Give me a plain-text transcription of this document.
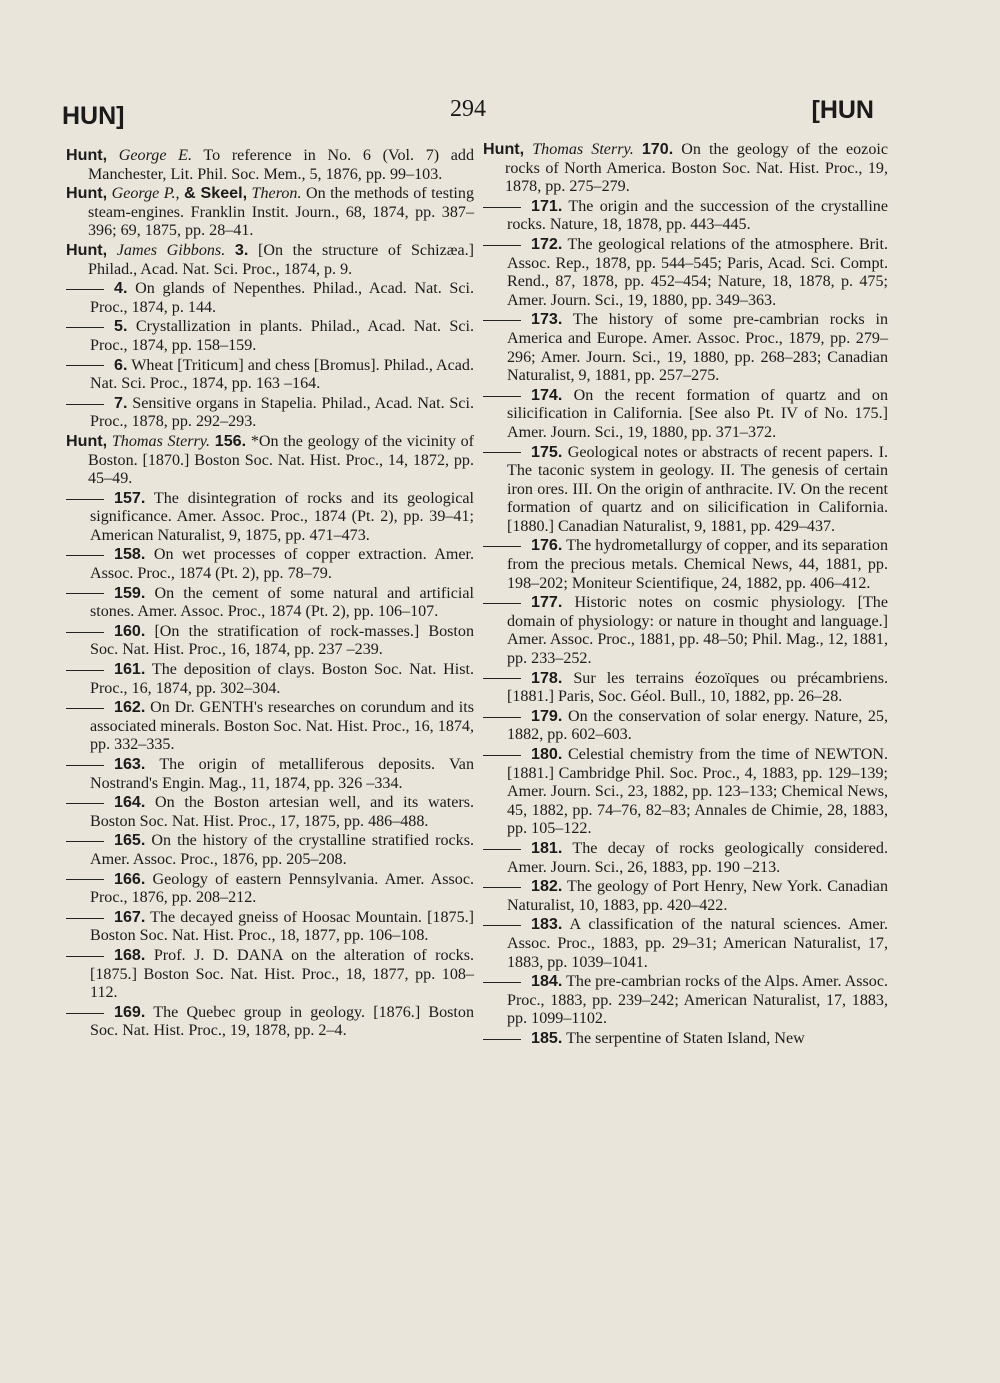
HUN]	294	[HUN

Hunt, George E. To reference in No. 6 (Vol. 7) add Manchester, Lit. Phil. Soc. Mem., 5, 1876, pp. 99–103.

Hunt, George P., & Skeel, Theron. On the methods of testing steam-engines. Franklin Instit. Journ., 68, 1874, pp. 387–396; 69, 1875, pp. 28–41.

Hunt, James Gibbons. 3. [On the structure of Schizæa.] Philad., Acad. Nat. Sci. Proc., 1874, p. 9.

4. On glands of Nepenthes. Philad., Acad. Nat. Sci. Proc., 1874, p. 144.

5. Crystallization in plants. Philad., Acad. Nat. Sci. Proc., 1874, pp. 158–159.

6. Wheat [Triticum] and chess [Bromus]. Philad., Acad. Nat. Sci. Proc., 1874, pp. 163 –164.

7. Sensitive organs in Stapelia. Philad., Acad. Nat. Sci. Proc., 1878, pp. 292–293.

Hunt, Thomas Sterry. 156. *On the geology of the vicinity of Boston. [1870.] Boston Soc. Nat. Hist. Proc., 14, 1872, pp. 45–49.

157. The disintegration of rocks and its geological significance. Amer. Assoc. Proc., 1874 (Pt. 2), pp. 39–41; American Naturalist, 9, 1875, pp. 471–473.

158. On wet processes of copper extraction. Amer. Assoc. Proc., 1874 (Pt. 2), pp. 78–79.

159. On the cement of some natural and artificial stones. Amer. Assoc. Proc., 1874 (Pt. 2), pp. 106–107.

160. [On the stratification of rock-masses.] Boston Soc. Nat. Hist. Proc., 16, 1874, pp. 237 –239.

161. The deposition of clays. Boston Soc. Nat. Hist. Proc., 16, 1874, pp. 302–304.

162. On Dr. GENTH's researches on corundum and its associated minerals. Boston Soc. Nat. Hist. Proc., 16, 1874, pp. 332–335.

163. The origin of metalliferous deposits. Van Nostrand's Engin. Mag., 11, 1874, pp. 326 –334.

164. On the Boston artesian well, and its waters. Boston Soc. Nat. Hist. Proc., 17, 1875, pp. 486–488.

165. On the history of the crystalline stratified rocks. Amer. Assoc. Proc., 1876, pp. 205–208.

166. Geology of eastern Pennsylvania. Amer. Assoc. Proc., 1876, pp. 208–212.

167. The decayed gneiss of Hoosac Mountain. [1875.] Boston Soc. Nat. Hist. Proc., 18, 1877, pp. 106–108.

168. Prof. J. D. DANA on the alteration of rocks. [1875.] Boston Soc. Nat. Hist. Proc., 18, 1877, pp. 108–112.

169. The Quebec group in geology. [1876.] Boston Soc. Nat. Hist. Proc., 19, 1878, pp. 2–4.

Hunt, Thomas Sterry. 170. On the geology of the eozoic rocks of North America. Boston Soc. Nat. Hist. Proc., 19, 1878, pp. 275–279.

171. The origin and the succession of the crystalline rocks. Nature, 18, 1878, pp. 443–445.

172. The geological relations of the atmosphere. Brit. Assoc. Rep., 1878, pp. 544–545; Paris, Acad. Sci. Compt. Rend., 87, 1878, pp. 452–454; Nature, 18, 1878, p. 475; Amer. Journ. Sci., 19, 1880, pp. 349–363.

173. The history of some pre-cambrian rocks in America and Europe. Amer. Assoc. Proc., 1879, pp. 279–296; Amer. Journ. Sci., 19, 1880, pp. 268–283; Canadian Naturalist, 9, 1881, pp. 257–275.

174. On the recent formation of quartz and on silicification in California. [See also Pt. IV of No. 175.] Amer. Journ. Sci., 19, 1880, pp. 371–372.

175. Geological notes or abstracts of recent papers. I. The taconic system in geology. II. The genesis of certain iron ores. III. On the origin of anthracite. IV. On the recent formation of quartz and on silicification in California. [1880.] Canadian Naturalist, 9, 1881, pp. 429–437.

176. The hydrometallurgy of copper, and its separation from the precious metals. Chemical News, 44, 1881, pp. 198–202; Moniteur Scientifique, 24, 1882, pp. 406–412.

177. Historic notes on cosmic physiology. [The domain of physiology: or nature in thought and language.] Amer. Assoc. Proc., 1881, pp. 48–50; Phil. Mag., 12, 1881, pp. 233–252.

178. Sur les terrains éozoïques ou précambriens. [1881.] Paris, Soc. Géol. Bull., 10, 1882, pp. 26–28.

179. On the conservation of solar energy. Nature, 25, 1882, pp. 602–603.

180. Celestial chemistry from the time of NEWTON. [1881.] Cambridge Phil. Soc. Proc., 4, 1883, pp. 129–139; Amer. Journ. Sci., 23, 1882, pp. 123–133; Chemical News, 45, 1882, pp. 74–76, 82–83; Annales de Chimie, 28, 1883, pp. 105–122.

181. The decay of rocks geologically considered. Amer. Journ. Sci., 26, 1883, pp. 190 –213.

182. The geology of Port Henry, New York. Canadian Naturalist, 10, 1883, pp. 420–422.

183. A classification of the natural sciences. Amer. Assoc. Proc., 1883, pp. 29–31; American Naturalist, 17, 1883, pp. 1039–1041.

184. The pre-cambrian rocks of the Alps. Amer. Assoc. Proc., 1883, pp. 239–242; American Naturalist, 17, 1883, pp. 1099–1102.

185. The serpentine of Staten Island, New
